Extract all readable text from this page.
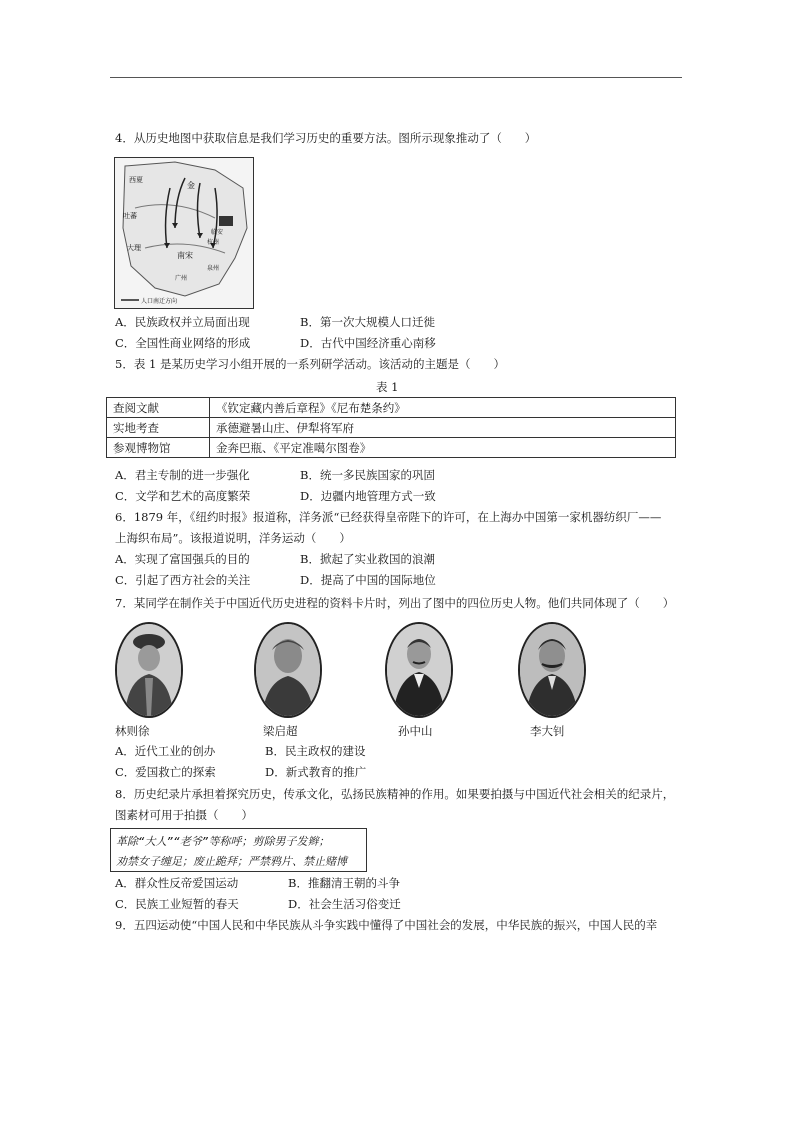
4．从历史地图中获取信息是我们学习历史的重要方法。图所示现象推动了（　　）
西夏
金
南宋
大理
吐蕃
临安
杭州
泉州
广州
人口南迁方向
A．民族政权并立局面出现	B．第一次大规模人口迁徙
C．全国性商业网络的形成	D．古代中国经济重心南移
5．表 1 是某历史学习小组开展的一系列研学活动。该活动的主题是（　　）
表 1
查阅文献	《钦定藏内善后章程》《尼布楚条约》
实地考查	承德避暑山庄、伊犁将军府
参观博物馆	金奔巴瓶、《平定准噶尔图卷》
A．君主专制的进一步强化	B．统一多民族国家的巩固
C．文学和艺术的高度繁荣	D．边疆内地管理方式一致
6．1879 年，《纽约时报》报道称，洋务派“已经获得皇帝陛下的许可，在上海办中国第一家机器纺织厂——
上海织布局”。该报道说明，洋务运动（　　）
A．实现了富国强兵的目的	B．掀起了实业救国的浪潮
C．引起了西方社会的关注	D．提高了中国的国际地位
7．某同学在制作关于中国近代历史进程的资料卡片时，列出了图中的四位历史人物。他们共同体现了（　　）
林则徐	梁启超	孙中山	李大钊
A．近代工业的创办	B．民主政权的建设
C．爱国救亡的探索	D．新式教育的推广
8．历史纪录片承担着探究历史，传承文化，弘扬民族精神的作用。如果要拍摄与中国近代社会相关的纪录片，
图素材可用于拍摄（　　）
革除“大人”“老爷”等称呼；剪除男子发辫；
劝禁女子缠足；废止跪拜；严禁鸦片、禁止赌博
A．群众性反帝爱国运动	B．推翻清王朝的斗争
C．民族工业短暂的春天	D．社会生活习俗变迁
9．五四运动使“中国人民和中华民族从斗争实践中懂得了中国社会的发展，中华民族的振兴，中国人民的幸
